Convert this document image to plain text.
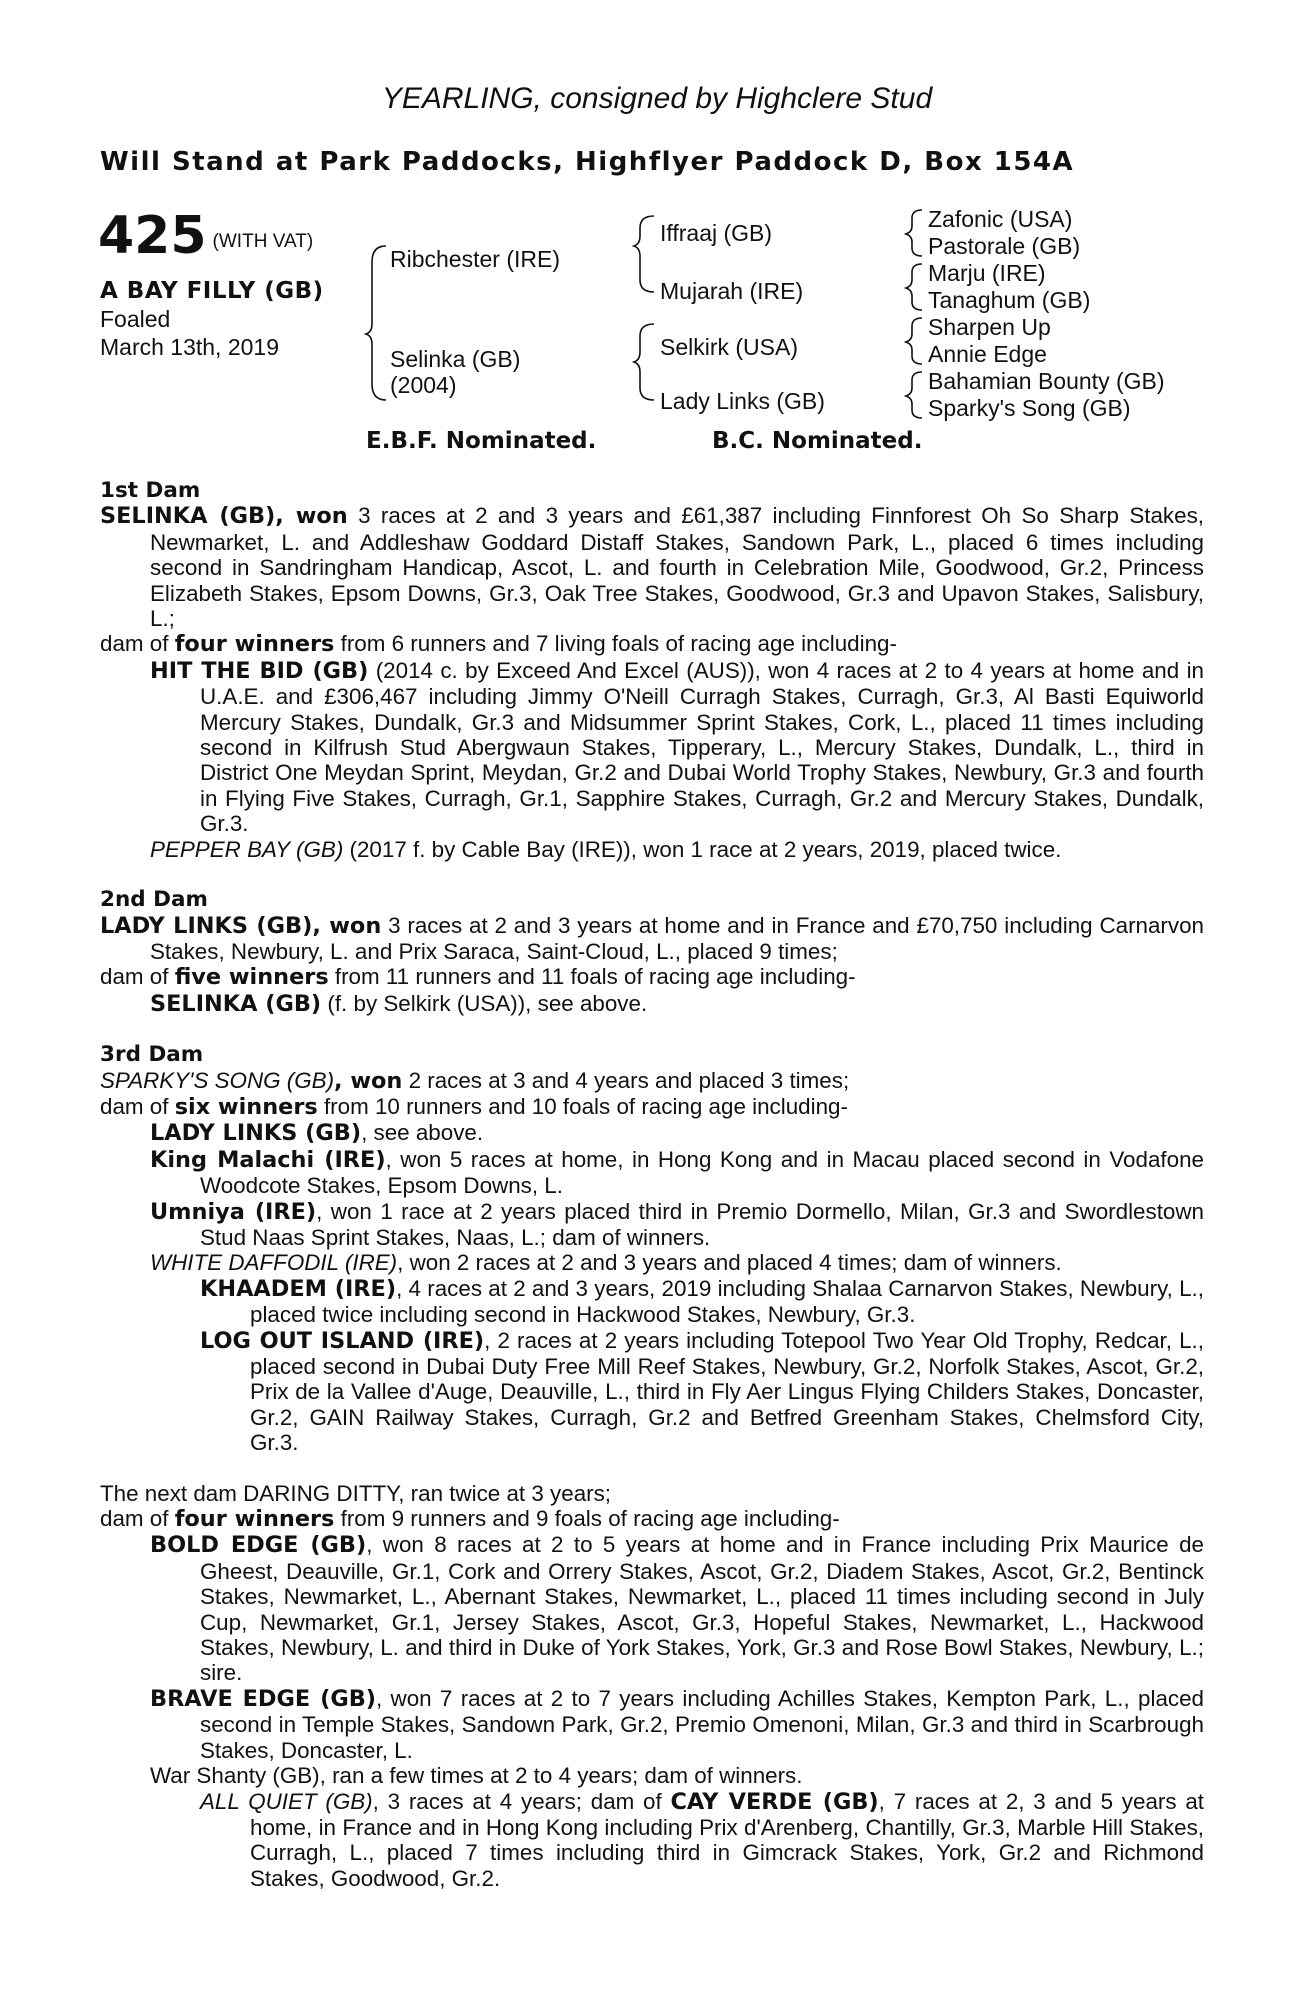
YEARLING, consigned by Highclere Stud
Will Stand at Park Paddocks, Highflyer Paddock D, Box 154A
425 (WITH VAT)
A BAY FILLY (GB)
Foaled
March 13th, 2019
Ribchester (IRE)
Selinka (GB)
(2004)
Iffraaj (GB)
Mujarah (IRE)
Selkirk (USA)
Lady Links (GB)
Zafonic (USA)
Pastorale (GB)
Marju (IRE)
Tanaghum (GB)
Sharpen Up
Annie Edge
Bahamian Bounty (GB)
Sparky's Song (GB)
E.B.F. Nominated.	B.C. Nominated.

1st Dam

SELINKA (GB), won 3 races at 2 and 3 years and £61,387 including Finnforest Oh So Sharp Stakes, Newmarket, L. and Addleshaw Goddard Distaff Stakes, Sandown Park, L., placed 6 times including second in Sandringham Handicap, Ascot, L. and fourth in Celebration Mile, Goodwood, Gr.2, Princess Elizabeth Stakes, Epsom Downs, Gr.3, Oak Tree Stakes, Goodwood, Gr.3 and Upavon Stakes, Salisbury, L.;

dam of four winners from 6 runners and 7 living foals of racing age including-

HIT THE BID (GB) (2014 c. by Exceed And Excel (AUS)), won 4 races at 2 to 4 years at home and in U.A.E. and £306,467 including Jimmy O'Neill Curragh Stakes, Curragh, Gr.3, Al Basti Equiworld Mercury Stakes, Dundalk, Gr.3 and Midsummer Sprint Stakes, Cork, L., placed 11 times including second in Kilfrush Stud Abergwaun Stakes, Tipperary, L., Mercury Stakes, Dundalk, L., third in District One Meydan Sprint, Meydan, Gr.2 and Dubai World Trophy Stakes, Newbury, Gr.3 and fourth in Flying Five Stakes, Curragh, Gr.1, Sapphire Stakes, Curragh, Gr.2 and Mercury Stakes, Dundalk, Gr.3.

PEPPER BAY (GB) (2017 f. by Cable Bay (IRE)), won 1 race at 2 years, 2019, placed twice.

2nd Dam

LADY LINKS (GB), won 3 races at 2 and 3 years at home and in France and £70,750 including Carnarvon Stakes, Newbury, L. and Prix Saraca, Saint-Cloud, L., placed 9 times;

dam of five winners from 11 runners and 11 foals of racing age including-

SELINKA (GB) (f. by Selkirk (USA)), see above.

3rd Dam

SPARKY'S SONG (GB), won 2 races at 3 and 4 years and placed 3 times;

dam of six winners from 10 runners and 10 foals of racing age including-

LADY LINKS (GB), see above.

King Malachi (IRE), won 5 races at home, in Hong Kong and in Macau placed second in Vodafone Woodcote Stakes, Epsom Downs, L.

Umniya (IRE), won 1 race at 2 years placed third in Premio Dormello, Milan, Gr.3 and Swordlestown Stud Naas Sprint Stakes, Naas, L.; dam of winners.

WHITE DAFFODIL (IRE), won 2 races at 2 and 3 years and placed 4 times; dam of winners.

KHAADEM (IRE), 4 races at 2 and 3 years, 2019 including Shalaa Carnarvon Stakes, Newbury, L., placed twice including second in Hackwood Stakes, Newbury, Gr.3.

LOG OUT ISLAND (IRE), 2 races at 2 years including Totepool Two Year Old Trophy, Redcar, L., placed second in Dubai Duty Free Mill Reef Stakes, Newbury, Gr.2, Norfolk Stakes, Ascot, Gr.2, Prix de la Vallee d'Auge, Deauville, L., third in Fly Aer Lingus Flying Childers Stakes, Doncaster, Gr.2, GAIN Railway Stakes, Curragh, Gr.2 and Betfred Greenham Stakes, Chelmsford City, Gr.3.

The next dam DARING DITTY, ran twice at 3 years;

dam of four winners from 9 runners and 9 foals of racing age including-

BOLD EDGE (GB), won 8 races at 2 to 5 years at home and in France including Prix Maurice de Gheest, Deauville, Gr.1, Cork and Orrery Stakes, Ascot, Gr.2, Diadem Stakes, Ascot, Gr.2, Bentinck Stakes, Newmarket, L., Abernant Stakes, Newmarket, L., placed 11 times including second in July Cup, Newmarket, Gr.1, Jersey Stakes, Ascot, Gr.3, Hopeful Stakes, Newmarket, L., Hackwood Stakes, Newbury, L. and third in Duke of York Stakes, York, Gr.3 and Rose Bowl Stakes, Newbury, L.; sire.

BRAVE EDGE (GB), won 7 races at 2 to 7 years including Achilles Stakes, Kempton Park, L., placed second in Temple Stakes, Sandown Park, Gr.2, Premio Omenoni, Milan, Gr.3 and third in Scarbrough Stakes, Doncaster, L.

War Shanty (GB), ran a few times at 2 to 4 years; dam of winners.

ALL QUIET (GB), 3 races at 4 years; dam of CAY VERDE (GB), 7 races at 2, 3 and 5 years at home, in France and in Hong Kong including Prix d'Arenberg, Chantilly, Gr.3, Marble Hill Stakes, Curragh, L., placed 7 times including third in Gimcrack Stakes, York, Gr.2 and Richmond Stakes, Goodwood, Gr.2.
